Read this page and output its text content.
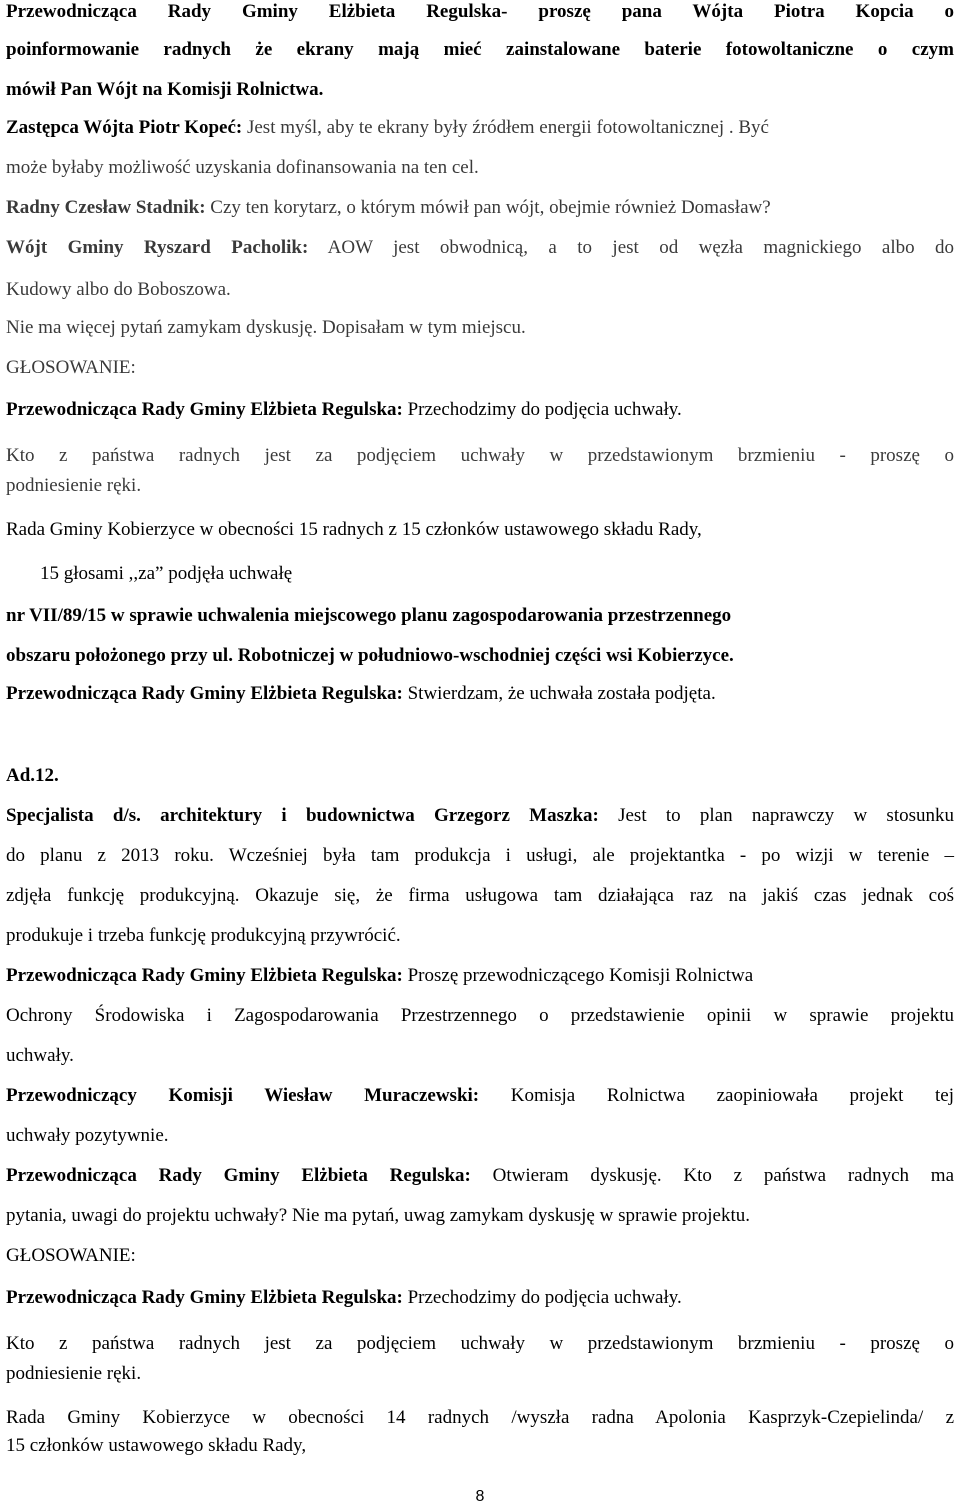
Przewodnicząca Rady Gminy Elżbieta Regulska- proszę pana Wójta Piotra Kopcia o
poinformowanie radnych że ekrany mają mieć zainstalowane baterie fotowoltaniczne o czym
mówił Pan Wójt na Komisji Rolnictwa.
Zastępca Wójta Piotr Kopeć: Jest myśl, aby te ekrany były źródłem energii fotowoltanicznej . Być
może byłaby możliwość uzyskania dofinansowania na ten cel.
Radny Czesław Stadnik: Czy ten korytarz, o którym mówił pan wójt, obejmie również Domasław?
Wójt Gminy Ryszard Pacholik: AOW jest obwodnicą, a to jest od węzła magnickiego albo do
Kudowy albo do Boboszowa.
Nie ma więcej pytań zamykam dyskusję. Dopisałam w tym miejscu.
GŁOSOWANIE:
Przewodnicząca Rady Gminy Elżbieta Regulska: Przechodzimy do podjęcia uchwały.
Kto z państwa radnych jest za podjęciem uchwały w przedstawionym brzmieniu - proszę o
podniesienie ręki.
Rada Gminy Kobierzyce w obecności 15 radnych z 15 członków ustawowego składu Rady,
15 głosami ,,za” podjęła uchwałę
nr VII/89/15 w sprawie uchwalenia miejscowego planu zagospodarowania przestrzennego
obszaru położonego przy ul. Robotniczej w południowo-wschodniej części wsi Kobierzyce.
Przewodnicząca Rady Gminy Elżbieta Regulska: Stwierdzam, że uchwała została podjęta.
Ad.12.
Specjalista d/s. architektury i budownictwa Grzegorz Maszka: Jest to plan naprawczy w stosunku
do planu z 2013 roku. Wcześniej była tam produkcja i usługi, ale projektantka - po wizji w terenie –
zdjęła funkcję produkcyjną. Okazuje się, że firma usługowa tam działająca raz na jakiś czas jednak coś
produkuje i trzeba funkcję produkcyjną przywrócić.
Przewodnicząca Rady Gminy Elżbieta Regulska: Proszę przewodniczącego Komisji Rolnictwa
Ochrony Środowiska i Zagospodarowania Przestrzennego o przedstawienie opinii w sprawie projektu
uchwały.
Przewodniczący Komisji Wiesław Muraczewski: Komisja Rolnictwa zaopiniowała projekt tej
uchwały pozytywnie.
Przewodnicząca Rady Gminy Elżbieta Regulska: Otwieram dyskusję. Kto z państwa radnych ma
pytania, uwagi do projektu uchwały? Nie ma pytań, uwag zamykam dyskusję w sprawie projektu.
GŁOSOWANIE:
Przewodnicząca Rady Gminy Elżbieta Regulska: Przechodzimy do podjęcia uchwały.
Kto z państwa radnych jest za podjęciem uchwały w przedstawionym brzmieniu - proszę o
podniesienie ręki.
Rada Gminy Kobierzyce w obecności 14 radnych /wyszła radna Apolonia Kasprzyk-Czepielinda/ z
15 członków ustawowego składu Rady,
8
